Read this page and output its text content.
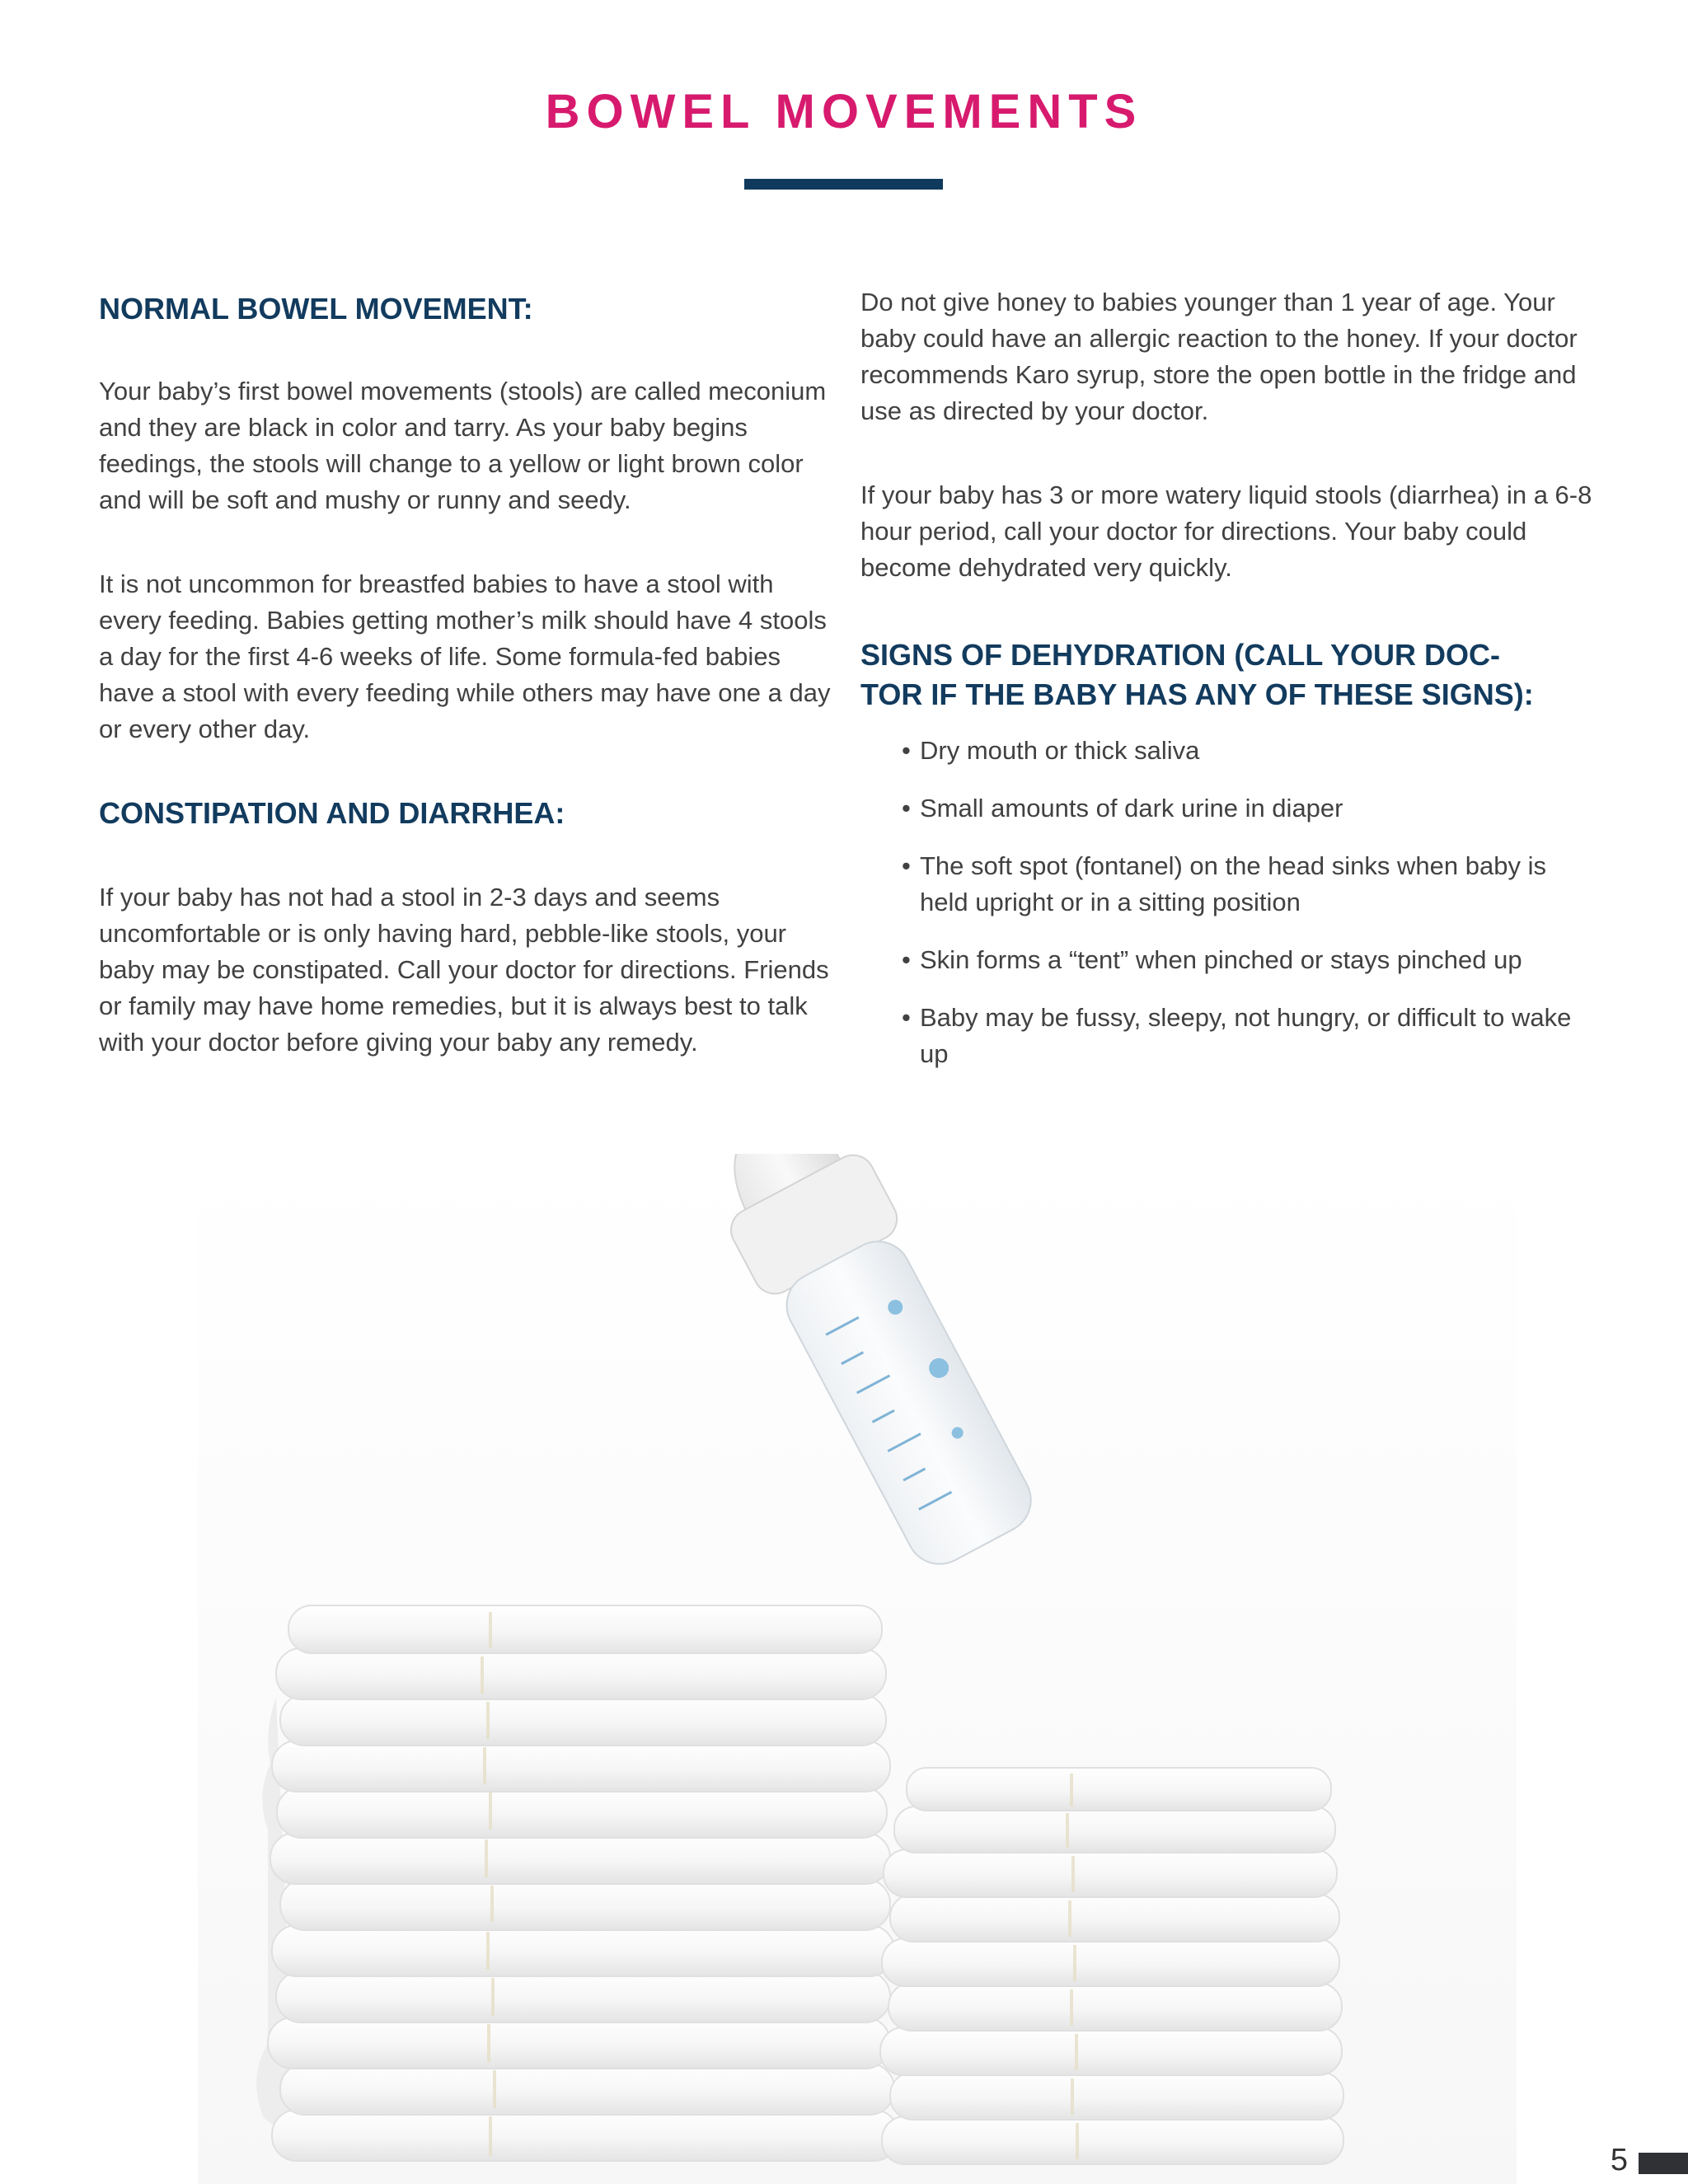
BOWEL MOVEMENTS
NORMAL BOWEL MOVEMENT:

Your baby’s first bowel movements (stools) are called meconium and they are black in color and tarry. As your baby begins feedings, the stools will change to a yellow or light brown color and will be soft and mushy or runny and seedy.

It is not uncommon for breastfed babies to have a stool with every feeding. Babies getting mother’s milk should have 4 stools a day for the first 4-6 weeks of life. Some formula-fed babies have a stool with every feeding while others may have one a day or every other day.

CONSTIPATION AND DIARRHEA:

If your baby has not had a stool in 2-3 days and seems uncomfortable or is only having hard, pebble-like stools, your baby may be constipated. Call your doctor for directions. Friends or family may have home remedies, but it is always best to talk with your doctor before giving your baby any remedy.

Do not give honey to babies younger than 1 year of age. Your baby could have an allergic reaction to the honey. If your doctor recommends Karo syrup, store the open bottle in the fridge and use as directed by your doctor.

If your baby has 3 or more watery liquid stools (diarrhea) in a 6-8 hour period, call your doctor for directions. Your baby could become dehydrated very quickly.

SIGNS OF DEHYDRATION (CALL YOUR DOC-
TOR IF THE BABY HAS ANY OF THESE SIGNS):
• Dry mouth or thick saliva
• Small amounts of dark urine in diaper
• The soft spot (fontanel) on the head sinks when baby is held upright or in a sitting position
• Skin forms a “tent” when pinched or stays pinched up
• Baby may be fussy, sleepy, not hungry, or difficult to wake up
5
